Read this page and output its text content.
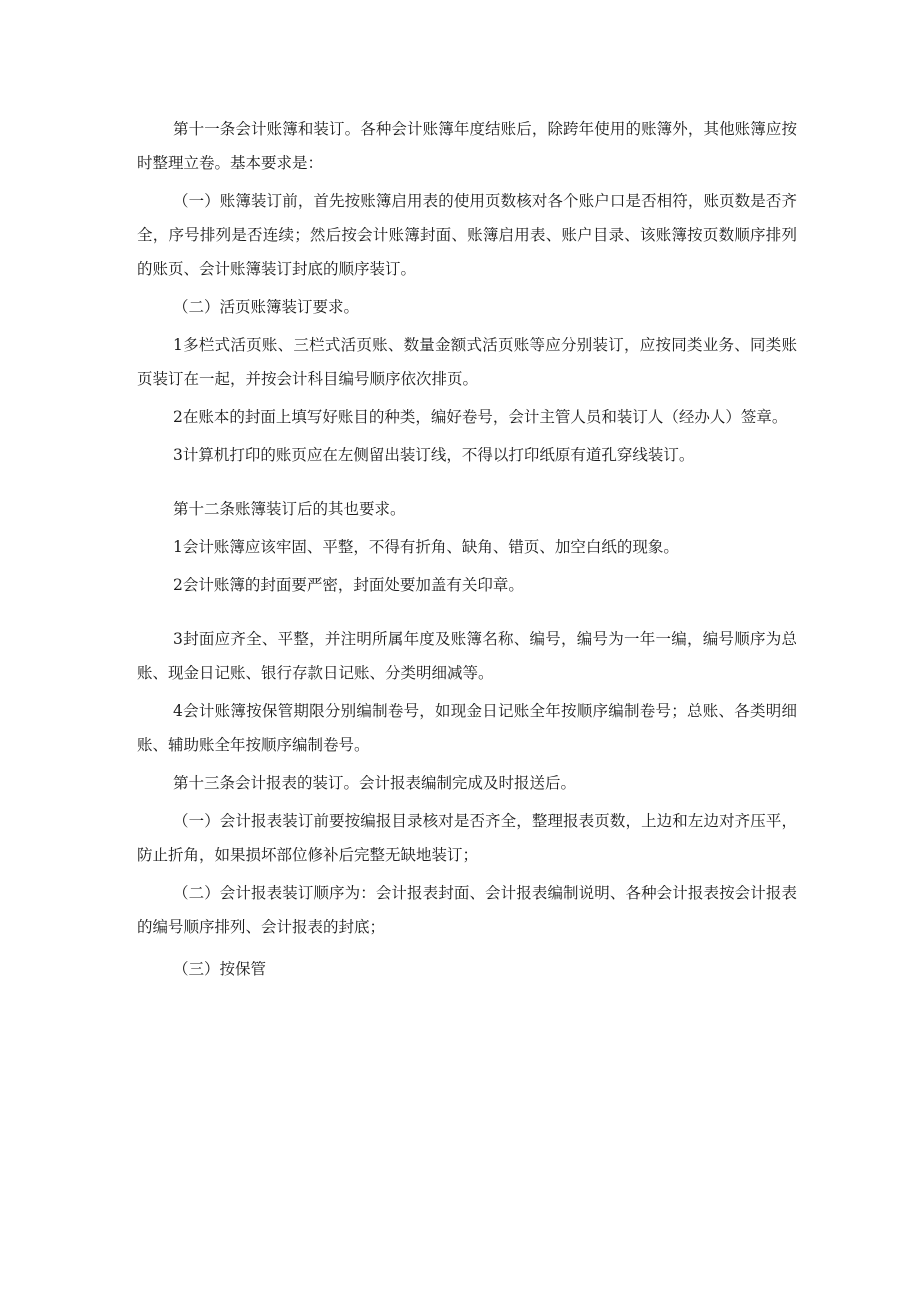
第十一条会计账簿和装订。各种会计账簿年度结账后，除跨年使用的账簿外，其他账簿应按时整理立卷。基本要求是：

（一）账簿装订前，首先按账簿启用表的使用页数核对各个账户口是否相符，账页数是否齐全，序号排列是否连续；然后按会计账簿封面、账簿启用表、账户目录、该账簿按页数顺序排列的账页、会计账簿装订封底的顺序装订。

（二）活页账簿装订要求。

1多栏式活页账、三栏式活页账、数量金额式活页账等应分别装订，应按同类业务、同类账页装订在一起，并按会计科目编号顺序依次排页。

2在账本的封面上填写好账目的种类，编好卷号，会计主管人员和装订人（经办人）签章。

3计算机打印的账页应在左侧留出装订线，不得以打印纸原有道孔穿线装订。

第十二条账簿装订后的其也要求。

1会计账簿应该牢固、平整，不得有折角、缺角、错页、加空白纸的现象。

2会计账簿的封面要严密，封面处要加盖有关印章。

3封面应齐全、平整，并注明所属年度及账簿名称、编号，编号为一年一编，编号顺序为总账、现金日记账、银行存款日记账、分类明细减等。

4会计账簿按保管期限分别编制卷号，如现金日记账全年按顺序编制卷号；总账、各类明细账、辅助账全年按顺序编制卷号。

第十三条会计报表的装订。会计报表编制完成及时报送后。

（一）会计报表装订前要按编报目录核对是否齐全，整理报表页数，上边和左边对齐压平，防止折角，如果损坏部位修补后完整无缺地装订；

（二）会计报表装订顺序为：会计报表封面、会计报表编制说明、各种会计报表按会计报表的编号顺序排列、会计报表的封底；

（三）按保管
